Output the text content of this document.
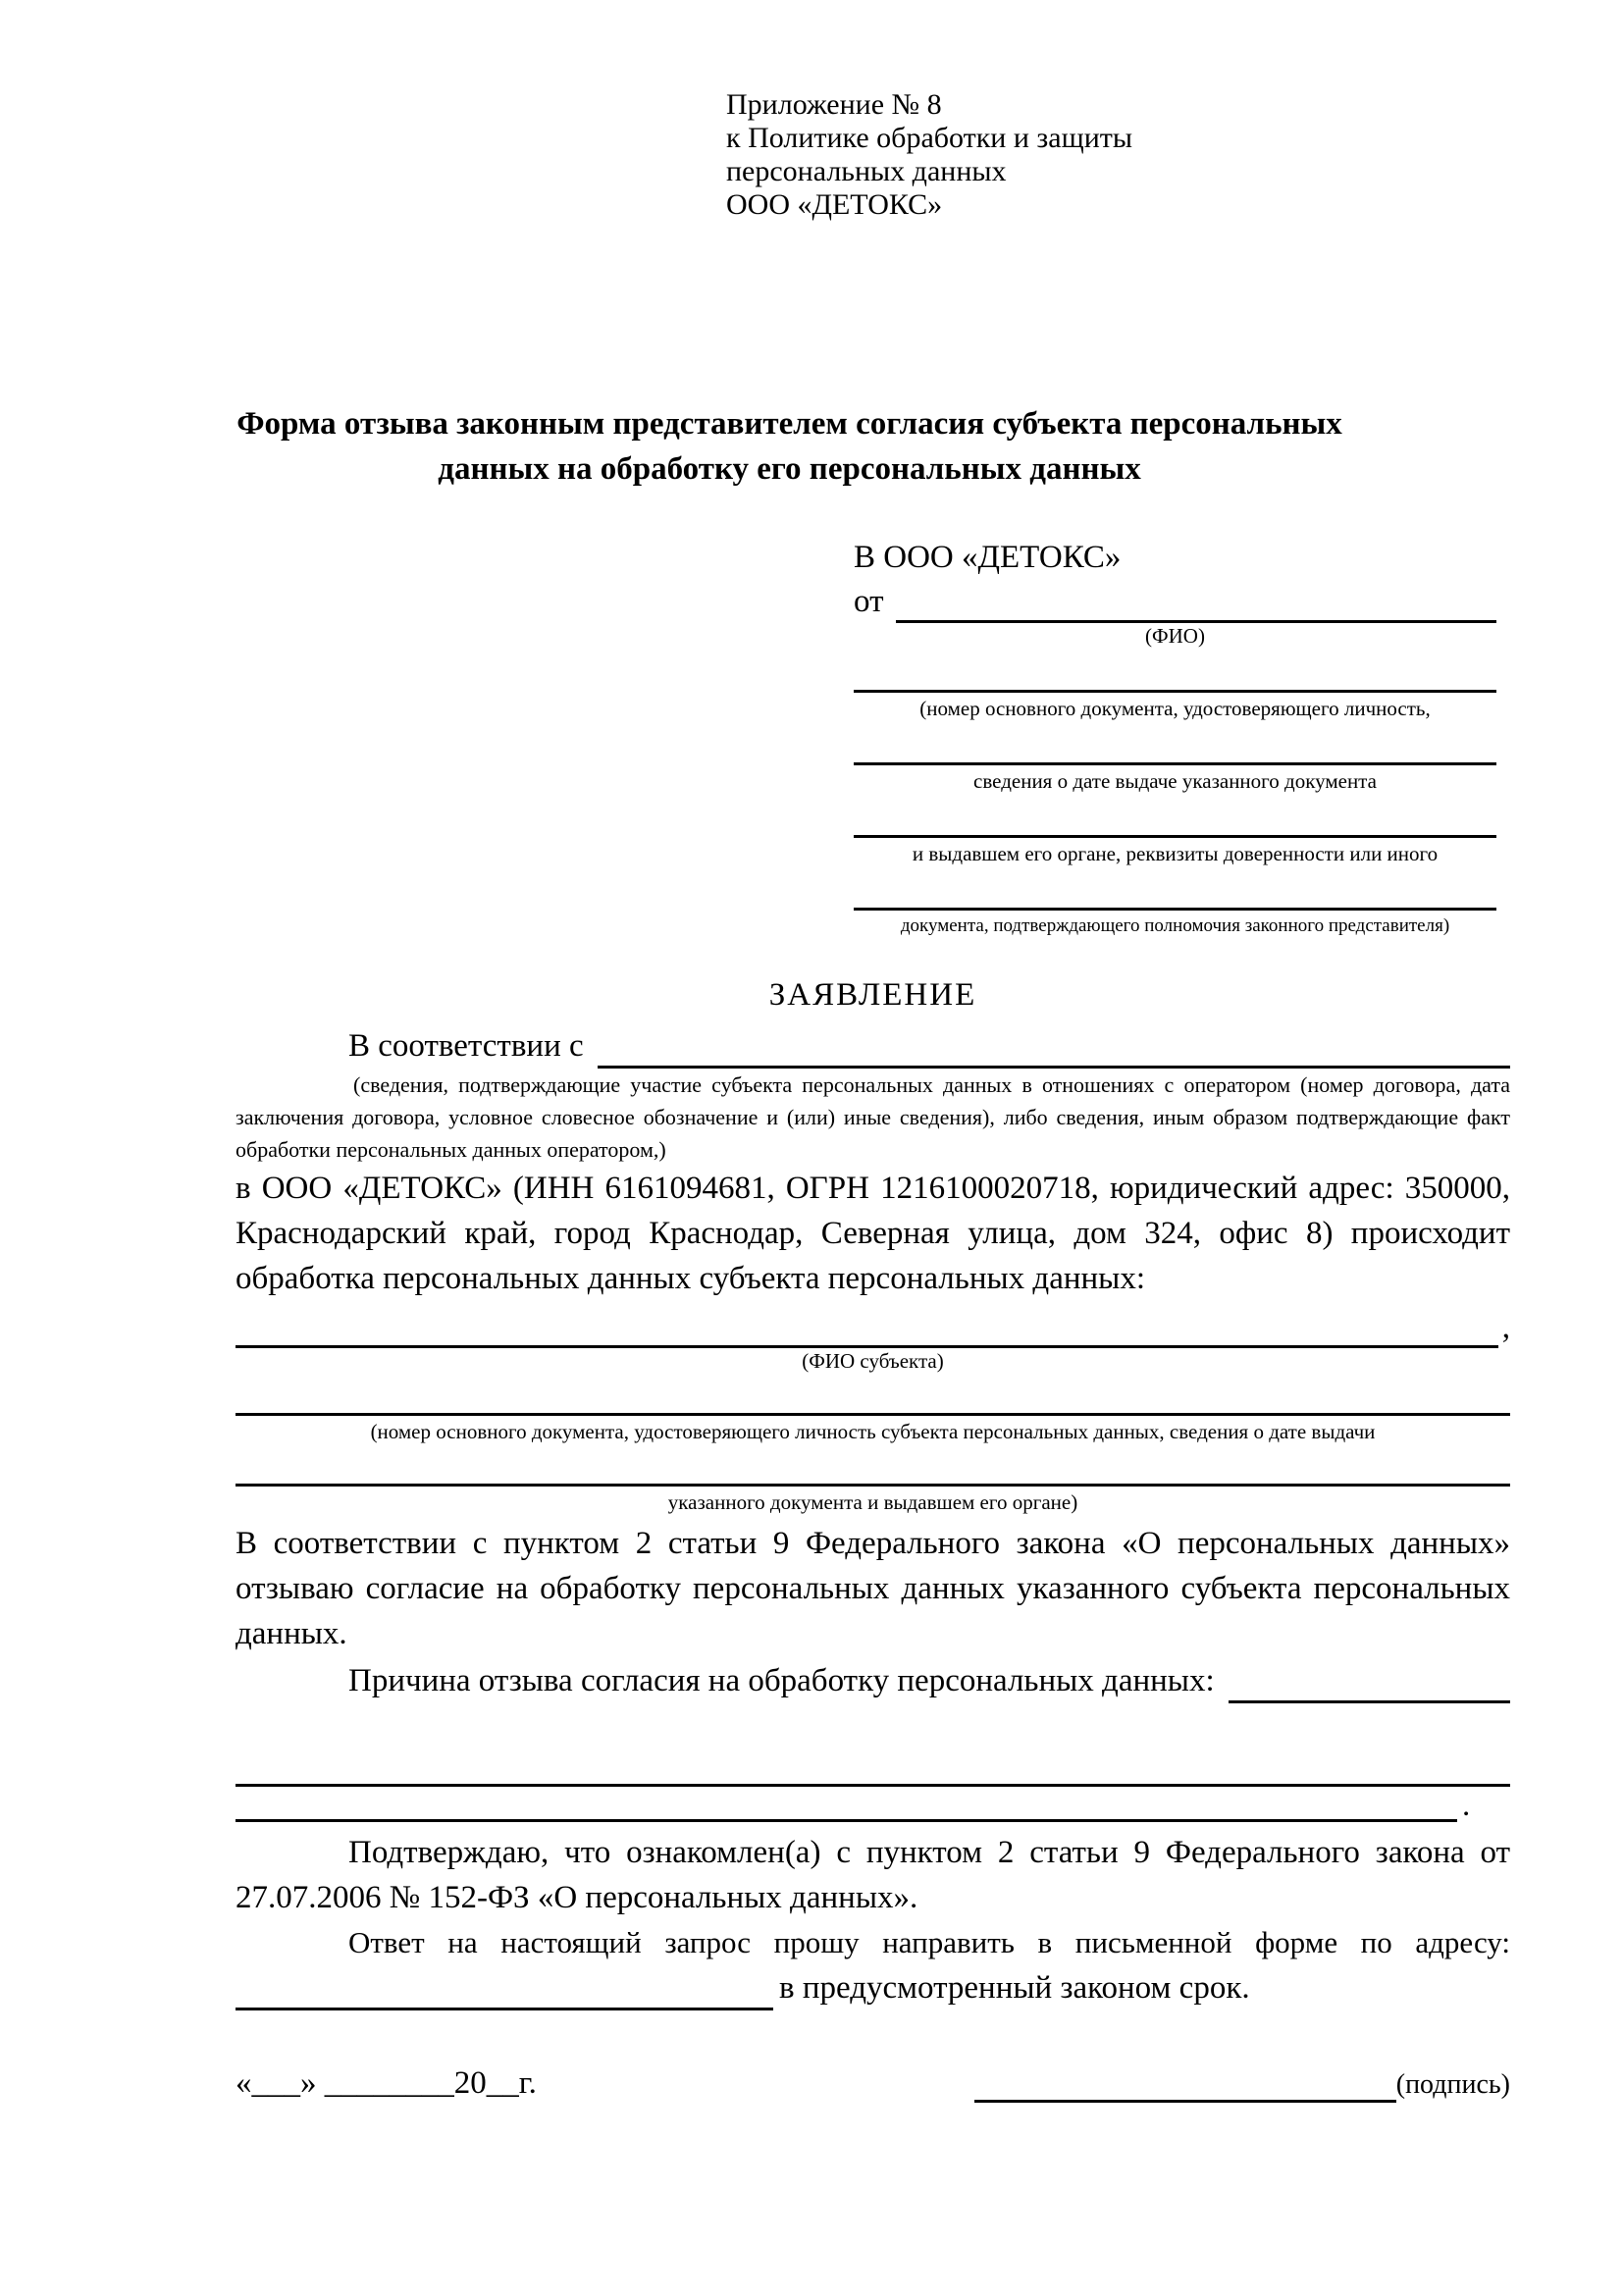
Приложение № 8
к Политике обработки и защиты
персональных данных
ООО «ДЕТОКС»
Форма отзыва законным представителем согласия субъекта персональных данных на обработку его персональных данных
В ООО «ДЕТОКС»
от
(ФИО)
(номер основного документа, удостоверяющего личность,
сведения о дате выдаче указанного документа
и выдавшем его органе, реквизиты доверенности или иного
документа, подтверждающего полномочия законного представителя)
ЗАЯВЛЕНИЕ
В соответствии с
(сведения, подтверждающие участие субъекта персональных данных в отношениях с оператором (номер договора, дата заключения договора, условное словесное обозначение и (или) иные сведения), либо сведения, иным образом подтверждающие факт обработки персональных данных оператором,)
в ООО «ДЕТОКС» (ИНН 6161094681, ОГРН 1216100020718, юридический адрес: 350000, Краснодарский край, город Краснодар, Северная улица, дом 324, офис 8) происходит обработка персональных данных субъекта персональных данных:
,
(ФИО субъекта)
(номер основного документа, удостоверяющего личность субъекта персональных данных, сведения о дате выдачи
указанного документа и выдавшем его органе)
В соответствии с пунктом 2 статьи 9 Федерального закона «О персональных данных» отзываю согласие на обработку персональных данных указанного субъекта персональных данных.
Причина отзыва согласия на обработку персональных данных:
.
Подтверждаю, что ознакомлен(а) с пунктом 2 статьи 9 Федерального закона от 27.07.2006 № 152-ФЗ «О персональных данных».
Ответ на настоящий запрос прошу направить в письменной форме по адресу:
в предусмотренный законом срок.
«___» ________20__г.	(подпись)
